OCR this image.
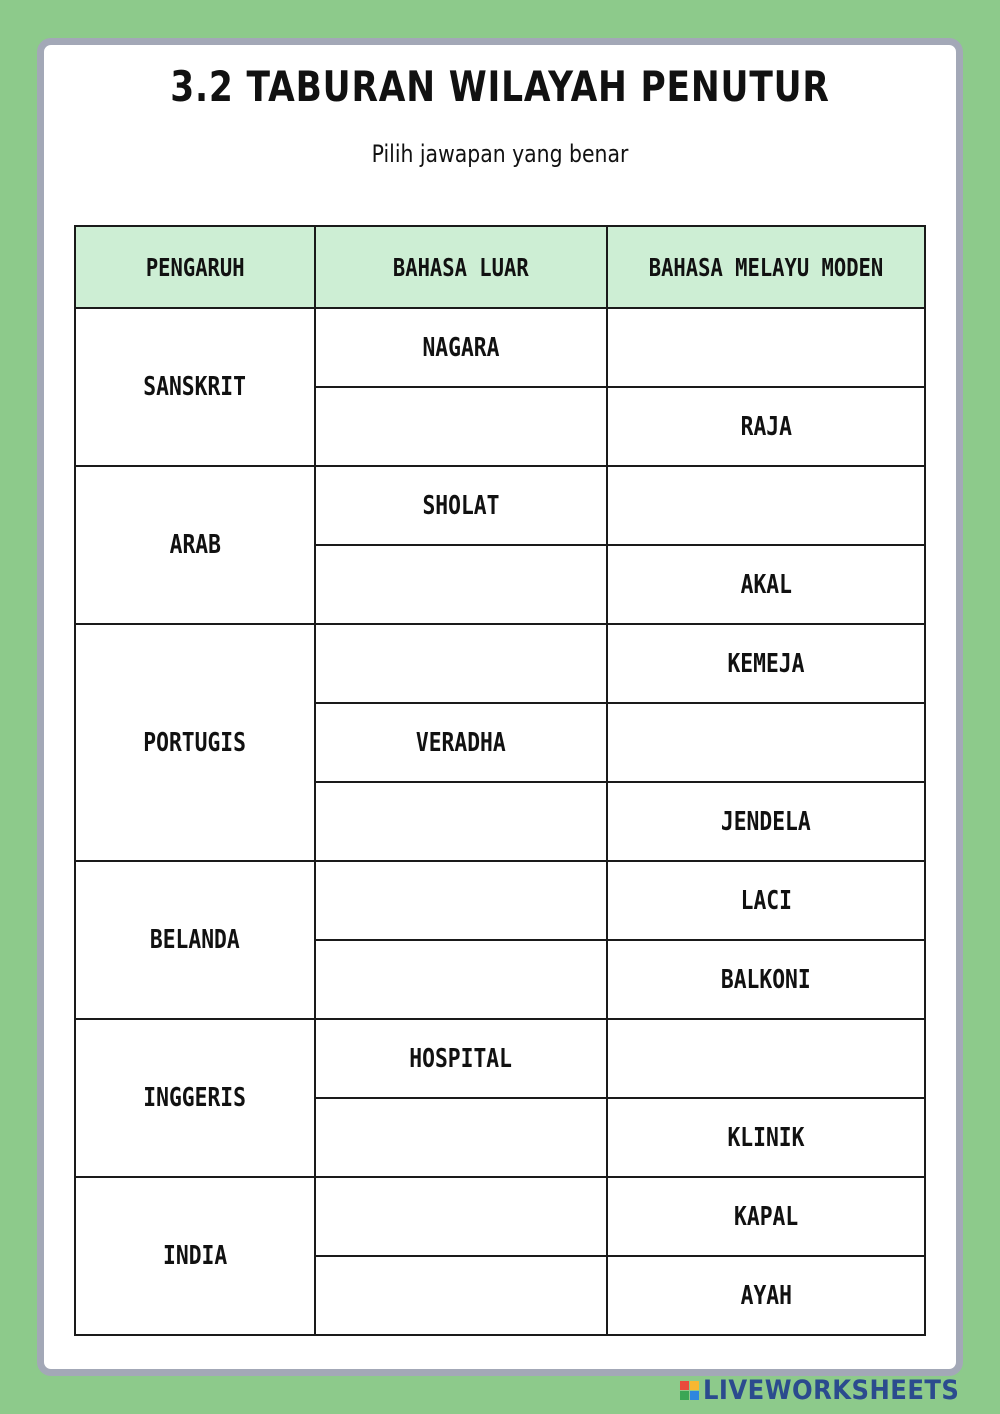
3.2 TABURAN WILAYAH PENUTUR
Pilih jawapan yang benar
PENGARUH	BAHASA LUAR	BAHASA MELAYU MODEN
SANSKRIT	NAGARA	
		RAJA
ARAB	SHOLAT	
		AKAL
PORTUGIS		KEMEJA
	VERADHA	
		JENDELA
BELANDA		LACI
		BALKONI
INGGERIS	HOSPITAL	
		KLINIK
INDIA		KAPAL
		AYAH
LIVEWORKSHEETS
